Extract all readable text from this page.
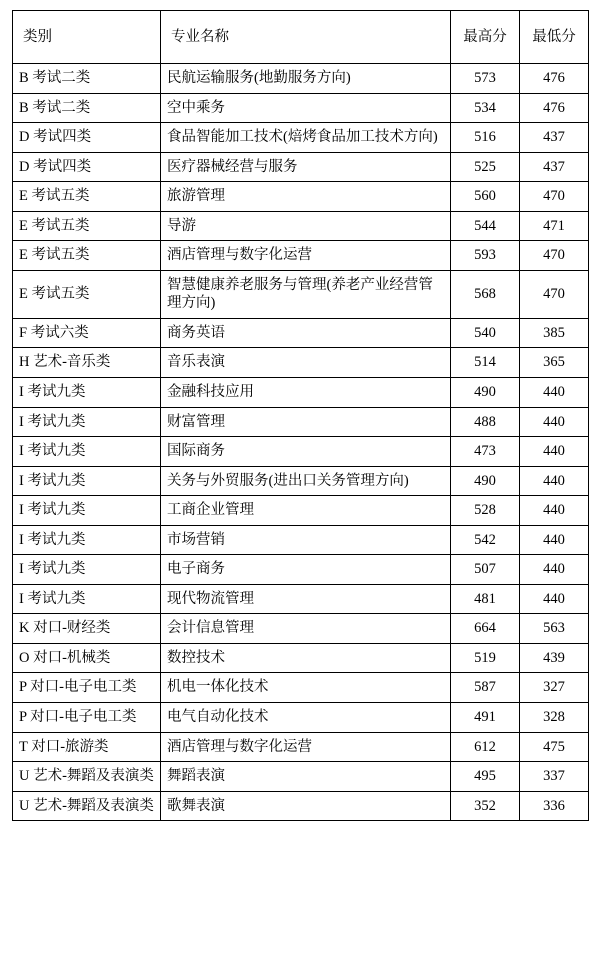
类别	专业名称	最高分	最低分
B 考试二类	民航运输服务(地勤服务方向)	573	476
B 考试二类	空中乘务	534	476
D 考试四类	食品智能加工技术(焙烤食品加工技术方向)	516	437
D 考试四类	医疗器械经营与服务	525	437
E 考试五类	旅游管理	560	470
E 考试五类	导游	544	471
E 考试五类	酒店管理与数字化运营	593	470
E 考试五类	智慧健康养老服务与管理(养老产业经营管理方向)	568	470
F 考试六类	商务英语	540	385
H 艺术-音乐类	音乐表演	514	365
I 考试九类	金融科技应用	490	440
I 考试九类	财富管理	488	440
I 考试九类	国际商务	473	440
I 考试九类	关务与外贸服务(进出口关务管理方向)	490	440
I 考试九类	工商企业管理	528	440
I 考试九类	市场营销	542	440
I 考试九类	电子商务	507	440
I 考试九类	现代物流管理	481	440
K 对口-财经类	会计信息管理	664	563
O 对口-机械类	数控技术	519	439
P 对口-电子电工类	机电一体化技术	587	327
P 对口-电子电工类	电气自动化技术	491	328
T 对口-旅游类	酒店管理与数字化运营	612	475
U 艺术-舞蹈及表演类	舞蹈表演	495	337
U 艺术-舞蹈及表演类	歌舞表演	352	336
